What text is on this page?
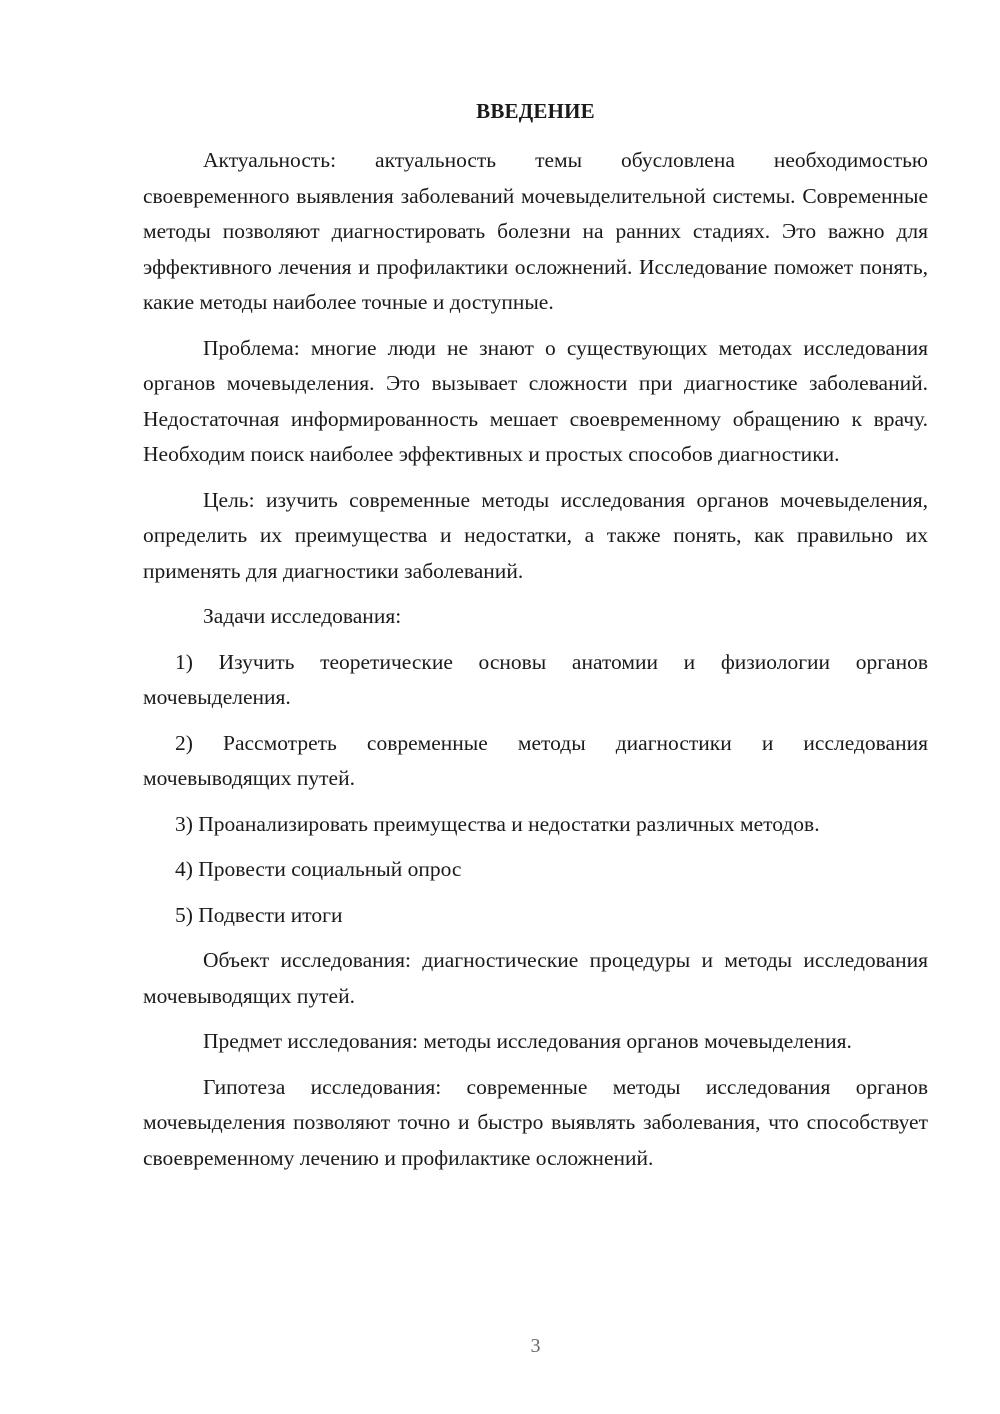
ВВЕДЕНИЕ

Актуальность: актуальность темы обусловлена необходимостью своевременного выявления заболеваний мочевыделительной системы. Современные методы позволяют диагностировать болезни на ранних стадиях. Это важно для эффективного лечения и профилактики осложнений. Исследование поможет понять, какие методы наиболее точные и доступные.

Проблема: многие люди не знают о существующих методах исследования органов мочевыделения. Это вызывает сложности при диагностике заболеваний. Недостаточная информированность мешает своевременному обращению к врачу. Необходим поиск наиболее эффективных и простых способов диагностики.

Цель: изучить современные методы исследования органов мочевыделения, определить их преимущества и недостатки, а также понять, как правильно их применять для диагностики заболеваний.

Задачи исследования:

1) Изучить теоретические основы анатомии и физиологии органов мочевыделения.

2) Рассмотреть современные методы диагностики и исследования мочевыводящих путей.

3) Проанализировать преимущества и недостатки различных методов.

4) Провести социальный опрос

5) Подвести итоги

Объект исследования: диагностические процедуры и методы исследования мочевыводящих путей.

Предмет исследования: методы исследования органов мочевыделения.

Гипотеза исследования: современные методы исследования органов мочевыделения позволяют точно и быстро выявлять заболевания, что способствует своевременному лечению и профилактике осложнений.

3
